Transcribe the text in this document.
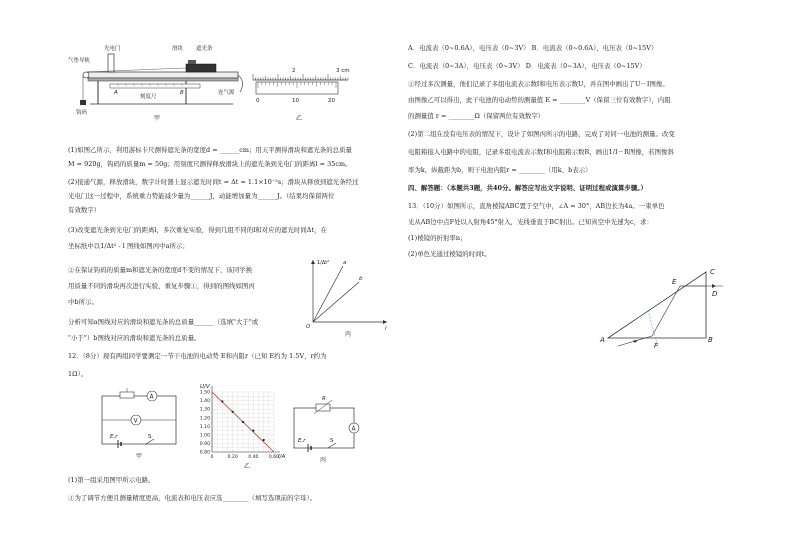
光电门
气垫导轨
滑块 遮光条
刻度尺
连气源
A	B
钩码
甲
2	3 cm
0	10	20
乙
(1)如图乙所示，利用游标卡尺测得遮光条的宽度d = ______cm；用天平测得滑块和遮光条的总质量
M = 920g，钩码的质量m = 50g；用刻度尺测得释放滑块上的遮光条到光电门的距离l = 35cm。
(2)接通气源，释放滑块，数字计时器上显示遮光时间t = Δt = 1.1×10⁻²s；滑块从释放到遮光条经过
光电门这一过程中，系统重力势能减少量为______J，动能增加量为______J。（结果均保留两位
有效数字）
(3)改变遮光条到光电门的距离l，多次重复实验，得到几组不同的l和对应的遮光时间Δt，在
坐标纸中以1/Δt² - l 图线如图丙中a所示；
②在保证钩码的质量m和遮光条的宽度d不变的情况下，该同学换
用质量不同的滑块再次进行实验，重复步骤①，得到的图线如图丙
中b所示。
分析可知a图线对应的滑块和遮光条的总质量______（选填"大于"或
"小于"）b图线对应的滑块和遮光条的总质量。
12．（8分）现有两组同学要测定一节干电池的电动势 E和内阻r（已知 E约为 1.5V，r约为
1Ω）。
(1)第一组采用图甲所示电路。
①为了调节方便且测量精度更高，电流表和电压表应选________（填写选项前的字母）。
1/Δt² a
b
O	l
丙
A
V
E,r	S
甲
1.50
1.40
1.30
1.20
1.10
1.00
0.90
0.80
0	0.20 0.40 0.60
U/V
I/A
乙
R
A
E,r	S
丙
A．电流表（0~0.6A），电压表（0~3V） B．电流表（0~0.6A），电压表（0~15V）
C．电流表（0~3A），电压表（0~3V） D．电流表（0~3A），电压表（0~15V）
②经过多次测量，他们记录了多组电流表示数I和电压表示数U，并在图中画出了U－I图像。
由图像乙可以得出，此干电池的电动势的测量值 E = ________V（保留三位有效数字），内阻
的测量值 r = ________Ω（保留两位有效数字）
(2)第二组在没有电压表的情况下，设计了如图丙所示的电路，完成了对同一电池的测量。改变
电阻箱接入电路中的电阻，记录多组电流表示数I和电阻箱示数R，画出1/I－R图像，若图像斜
率为k，纵截距为b，则干电池内阻r = ________（用k、b表示）
四、解答题：（本题共3题，共40分。解答应写出文字说明、证明过程或演算步骤。）
13．（10分）如图所示，直角棱镜ABC置于空气中，∠A = 30°，AB边长为4a。一束单色
光从AB边中点F处以入射角45°射入，光线垂直于BC射出。已知真空中光速为c，求：
(1)棱镜的折射率n；
(2)单色光通过棱镜的时间t。
A	B
C
D
E
F
